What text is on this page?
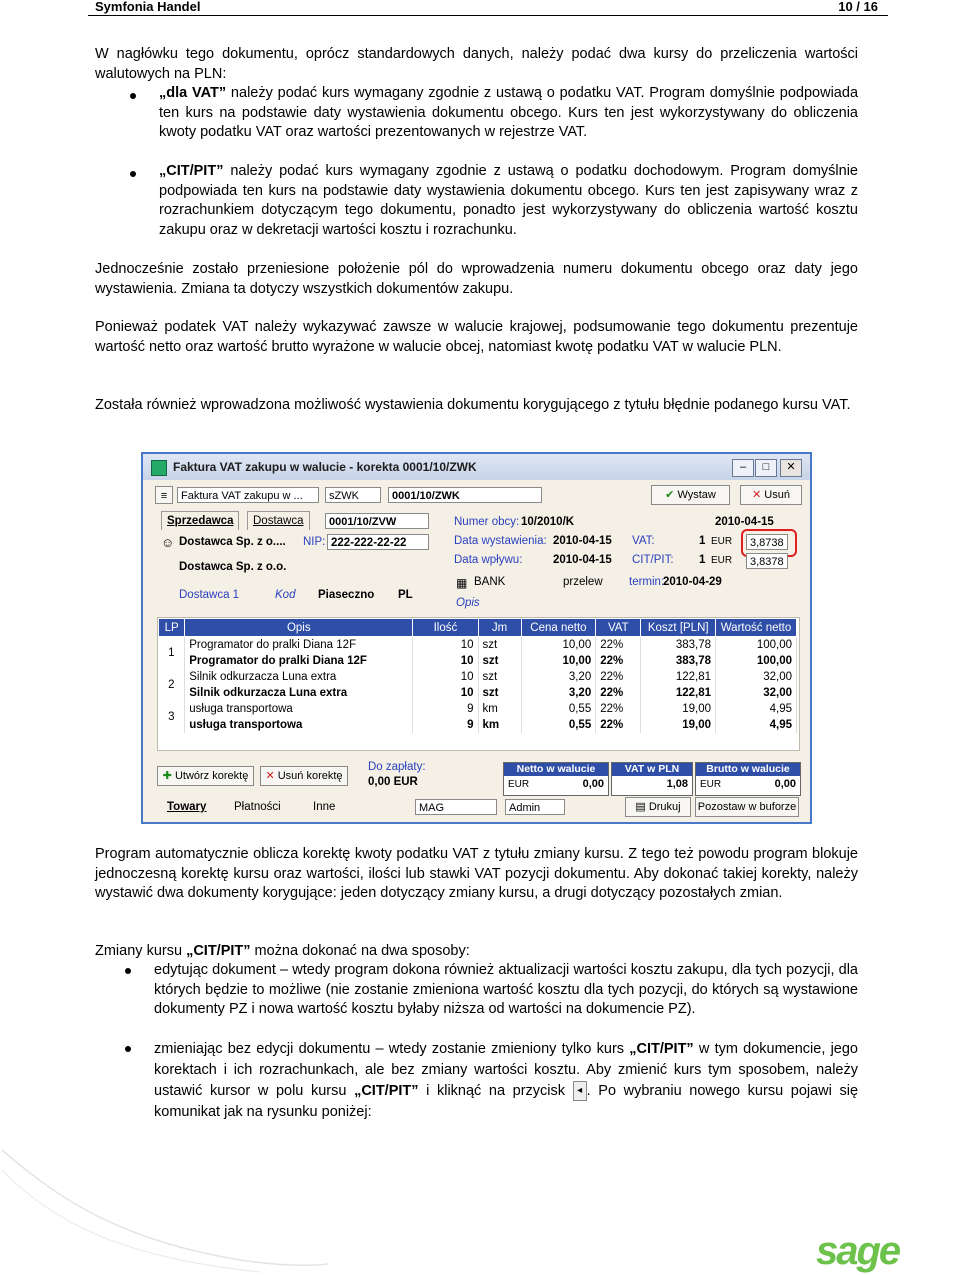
Symfonia Handel	10 / 16
W nagłówku tego dokumentu, oprócz standardowych danych, należy podać dwa kursy do przeliczenia wartości walutowych na PLN:
„dla VAT” należy podać kurs wymagany zgodnie z ustawą o podatku VAT. Program domyślnie podpowiada ten kurs na podstawie daty wystawienia dokumentu obcego. Kurs ten jest wykorzystywany do obliczenia kwoty podatku VAT oraz wartości prezentowanych w rejestrze VAT.
„CIT/PIT” należy podać kurs wymagany zgodnie z ustawą o podatku dochodowym. Program domyślnie podpowiada ten kurs na podstawie daty wystawienia dokumentu obcego. Kurs ten jest zapisywany wraz z rozrachunkiem dotyczącym tego dokumentu, ponadto jest wykorzystywany do obliczenia wartość kosztu zakupu oraz w dekretacji wartości kosztu i rozrachunku.
Jednocześnie zostało przeniesione położenie pól do wprowadzenia numeru dokumentu obcego oraz daty jego wystawienia. Zmiana ta dotyczy wszystkich dokumentów zakupu.
Ponieważ podatek VAT należy wykazywać zawsze w walucie krajowej, podsumowanie tego dokumentu prezentuje wartość netto oraz wartość brutto wyrażone w walucie obcej, natomiast kwotę podatku VAT w walucie PLN.
Została również wprowadzona możliwość wystawienia dokumentu korygującego z tytułu błędnie podanego kursu VAT.
Faktura VAT zakupu w walucie - korekta 0001/10/ZWK	–	□	✕
≡	Faktura VAT zakupu w ...	sZWK	0001/10/ZWK	✔ Wystaw	✕ Usuń
Sprzedawca	Dostawca	0001/10/ZVW
☺ Dostawca Sp. z o.... NIP: 222-222-22-22
Dostawca Sp. z o.o.
Dostawca 1	Kod Piaseczno PL
Numer obcy: 10/2010/K	2010-04-15
Data wystawienia: 2010-04-15 VAT:	1 EUR	3,8738
Data wpływu:	2010-04-15 CIT/PIT: 1 EUR	3,8378
▦ BANK	przelew termin:
2010-04-29
Opis
LP	Opis	Ilość	Jm	Cena netto	VAT	Koszt [PLN]	Wartość netto
1	Programator do pralki Diana 12F	10	szt	10,00	22%	383,78	100,00
	Programator do pralki Diana 12F	10	szt	10,00	22%	383,78	100,00
2	Silnik odkurzacza Luna extra	10	szt	3,20	22%	122,81	32,00
	Silnik odkurzacza Luna extra	10	szt	3,20	22%	122,81	32,00
3	usługa transportowa	9	km	0,55	22%	19,00	4,95
	usługa transportowa	9	km	0,55	22%	19,00	4,95
✚ Utwórz korektę	✕ Usuń korektę
Do zapłaty:
0,00 EUR
Netto w walucie
EUR	0,00
VAT w PLN
1,08
Brutto w walucie
EUR	0,00
Towary Płatności	Inne	MAG	Admin	▤ Drukuj	Pozostaw w buforze
Program automatycznie oblicza korektę kwoty podatku VAT z tytułu zmiany kursu. Z tego też powodu program blokuje jednoczesną korektę kursu oraz wartości, ilości lub stawki VAT pozycji dokumentu. Aby dokonać takiej korekty, należy wystawić dwa dokumenty korygujące: jeden dotyczący zmiany kursu, a drugi dotyczący pozostałych zmian.
Zmiany kursu „CIT/PIT” można dokonać na dwa sposoby:
edytując dokument – wtedy program dokona również aktualizacji wartości kosztu zakupu, dla tych pozycji, dla których będzie to możliwe (nie zostanie zmieniona wartość kosztu dla tych pozycji, do których są wystawione dokumenty PZ i nowa wartość kosztu byłaby niższa od wartości na dokumencie PZ).
zmieniając bez edycji dokumentu – wtedy zostanie zmieniony tylko kurs „CIT/PIT” w tym dokumencie, jego korektach i ich rozrachunkach, ale bez zmiany wartości kosztu. Aby zmienić kurs tym sposobem, należy ustawić kursor w polu kursu „CIT/PIT” i kliknąć na przycisk ◂ . Po wybraniu nowego kursu pojawi się komunikat jak na rysunku poniżej:
sage
